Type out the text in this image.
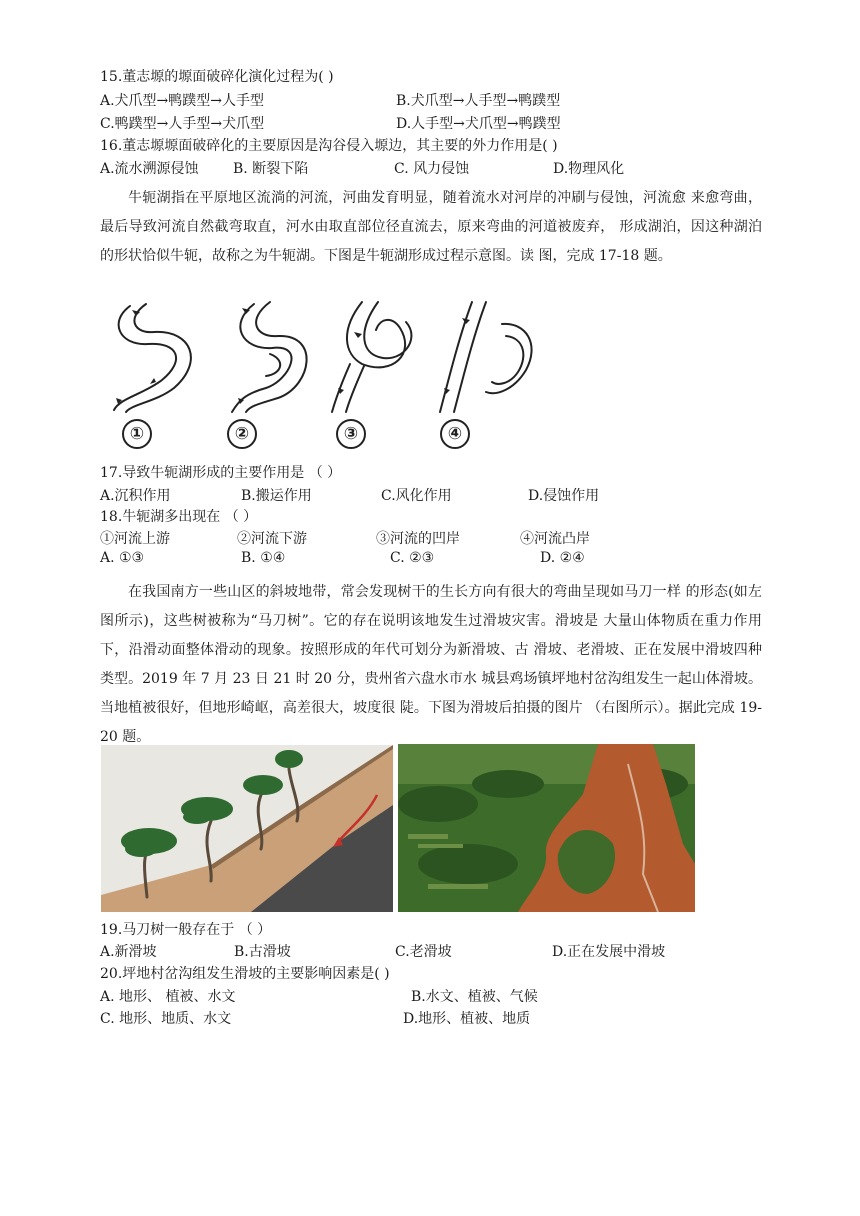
15.董志塬的塬面破碎化演化过程为( )
A.犬爪型→鸭蹼型→人手型	B.犬爪型→人手型→鸭蹼型
C.鸭蹼型→人手型→犬爪型	D.人手型→犬爪型→鸭蹼型
16.董志塬塬面破碎化的主要原因是沟谷侵入塬边，其主要的外力作用是( )
A.流水溯源侵蚀 B. 断裂下陷	C. 风力侵蚀	D.物理风化
牛轭湖指在平原地区流淌的河流，河曲发育明显，随着流水对河岸的冲刷与侵蚀，河流愈 来愈弯曲，最后导致河流自然截弯取直，河水由取直部位径直流去，原来弯曲的河道被废弃， 形成湖泊，因这种湖泊的形状恰似牛轭，故称之为牛轭湖。下图是牛轭湖形成过程示意图。读 图，完成 17-18 题。
①	②	③	④
17.导致牛轭湖形成的主要作用是 （ ）
A.沉积作用	B.搬运作用	C.风化作用	D.侵蚀作用
18.牛轭湖多出现在 （ ）
①河流上游	②河流下游	③河流的凹岸	④河流凸岸
A. ①③	B. ①④	C. ②③	D. ②④
在我国南方一些山区的斜坡地带，常会发现树干的生长方向有很大的弯曲呈现如马刀一样 的形态(如左图所示)，这些树被称为“马刀树”。它的存在说明该地发生过滑坡灾害。滑坡是 大量山体物质在重力作用下，沿滑动面整体滑动的现象。按照形成的年代可划分为新滑坡、古 滑坡、老滑坡、正在发展中滑坡四种类型。2019 年 7 月 23 日 21 时 20 分，贵州省六盘水市水 城县鸡场镇坪地村岔沟组发生一起山体滑坡。当地植被很好，但地形崎岖，高差很大，坡度很 陡。下图为滑坡后拍摄的图片 （右图所示）。据此完成 19-20 题。
19.马刀树一般存在于 （ ）
A.新滑坡	B.古滑坡	C.老滑坡	D.正在发展中滑坡
20.坪地村岔沟组发生滑坡的主要影响因素是( )
A. 地形、 植被、水文	B.水文、植被、气候
C. 地形、地质、水文	D.地形、植被、地质
